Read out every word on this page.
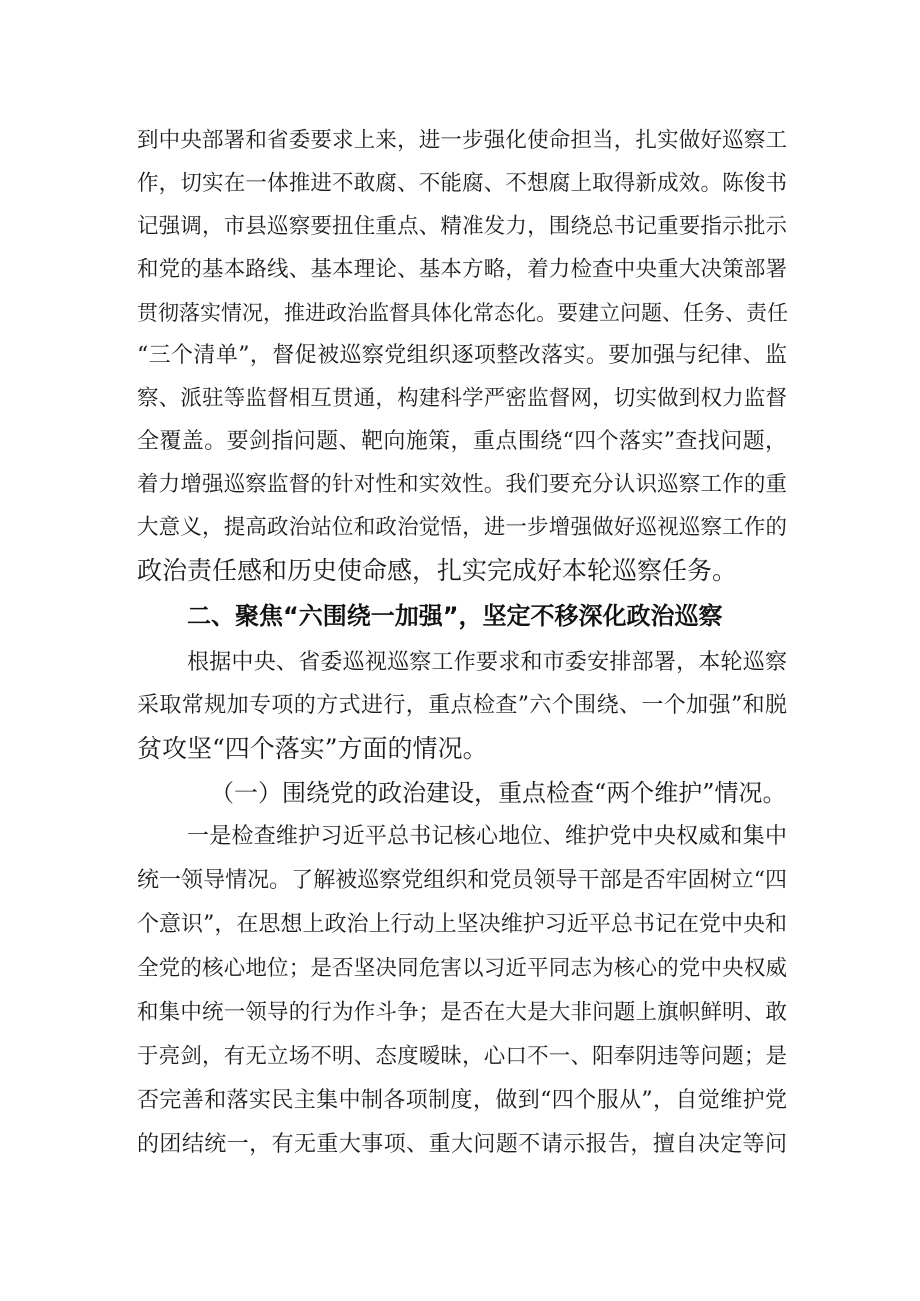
到中央部署和省委要求上来，进一步强化使命担当，扎实做好巡察工
作，切实在一体推进不敢腐、不能腐、不想腐上取得新成效。陈俊书
记强调，市县巡察要扭住重点、精准发力，围绕总书记重要指示批示
和党的基本路线、基本理论、基本方略，着力检查中央重大决策部署
贯彻落实情况，推进政治监督具体化常态化。要建立问题、任务、责任
“三个清单”，督促被巡察党组织逐项整改落实。要加强与纪律、监
察、派驻等监督相互贯通，构建科学严密监督网，切实做到权力监督
全覆盖。要剑指问题、靶向施策，重点围绕“四个落实”查找问题，
着力增强巡察监督的针对性和实效性。我们要充分认识巡察工作的重
大意义，提高政治站位和政治觉悟，进一步增强做好巡视巡察工作的
政治责任感和历史使命感，扎实完成好本轮巡察任务。
二、聚焦“六围绕一加强”，坚定不移深化政治巡察
根据中央、省委巡视巡察工作要求和市委安排部署，本轮巡察
采取常规加专项的方式进行，重点检查”六个围绕、一个加强”和脱
贫攻坚“四个落实”方面的情况。
（一）围绕党的政治建设，重点检查“两个维护”情况。
一是检查维护习近平总书记核心地位、维护党中央权威和集中
统一领导情况。了解被巡察党组织和党员领导干部是否牢固树立“四
个意识”，在思想上政治上行动上坚决维护习近平总书记在党中央和
全党的核心地位；是否坚决同危害以习近平同志为核心的党中央权威
和集中统一领导的行为作斗争；是否在大是大非问题上旗帜鲜明、敢
于亮剑，有无立场不明、态度暧昧，心口不一、阳奉阴违等问题；是
否完善和落实民主集中制各项制度，做到“四个服从”，自觉维护党
的团结统一，有无重大事项、重大问题不请示报告，擅自决定等问
